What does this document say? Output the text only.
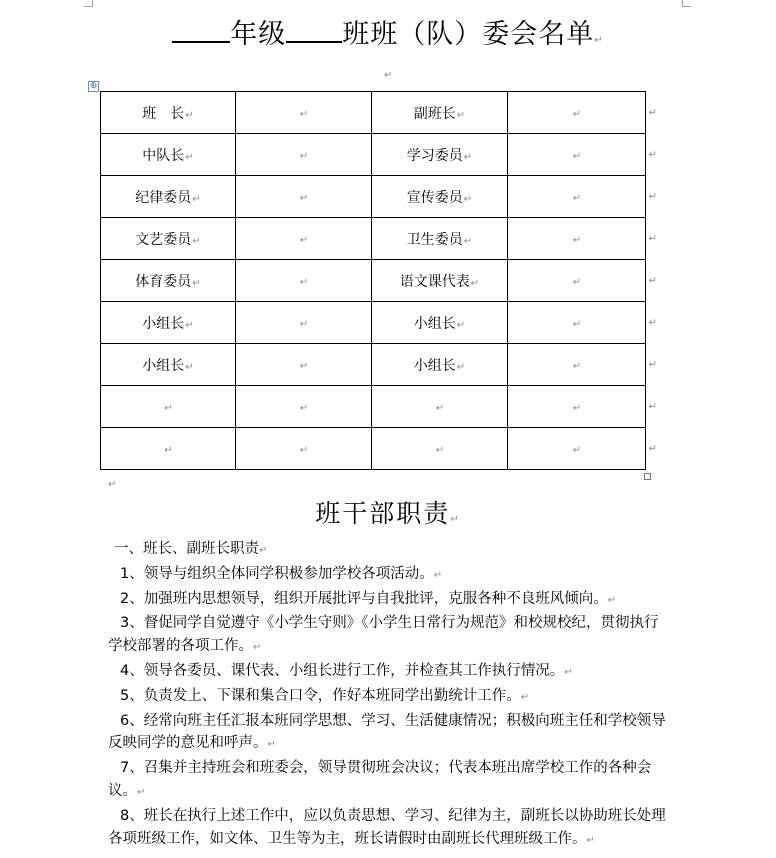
年级 班班（队）委会名单↵
↵
⊕
班　长↵	↵	副班长↵	↵ ↵

中队长↵	↵	学习委员↵	↵ ↵

纪律委员↵	↵	宣传委员↵	↵ ↵

文艺委员↵	↵	卫生委员↵	↵ ↵

体育委员↵	↵	语文课代表↵	↵ ↵

小组长↵	↵	小组长↵	↵ ↵

小组长↵	↵	小组长↵	↵ ↵

↵	↵	↵	↵ ↵

↵	↵	↵	↵ ↵
↵
班干部职责↵

一、班长、副班长职责↵

1、领导与组织全体同学积极参加学校各项活动。↵

2、加强班内思想领导，组织开展批评与自我批评，克服各种不良班风倾向。↵

3、督促同学自觉遵守《小学生守则》《小学生日常行为规范》和校规校纪，贯彻执行学校部署的各项工作。↵

4、领导各委员、课代表、小组长进行工作，并检查其工作执行情况。↵

5、负责发上、下课和集合口令，作好本班同学出勤统计工作。↵

6、经常向班主任汇报本班同学思想、学习、生活健康情况；积极向班主任和学校领导反映同学的意见和呼声。↵

7、召集并主持班会和班委会，领导贯彻班会决议；代表本班出席学校工作的各种会议。↵

8、班长在执行上述工作中，应以负责思想、学习、纪律为主，副班长以协助班长处理各项班级工作，如文体、卫生等为主，班长请假时由副班长代理班级工作。↵
